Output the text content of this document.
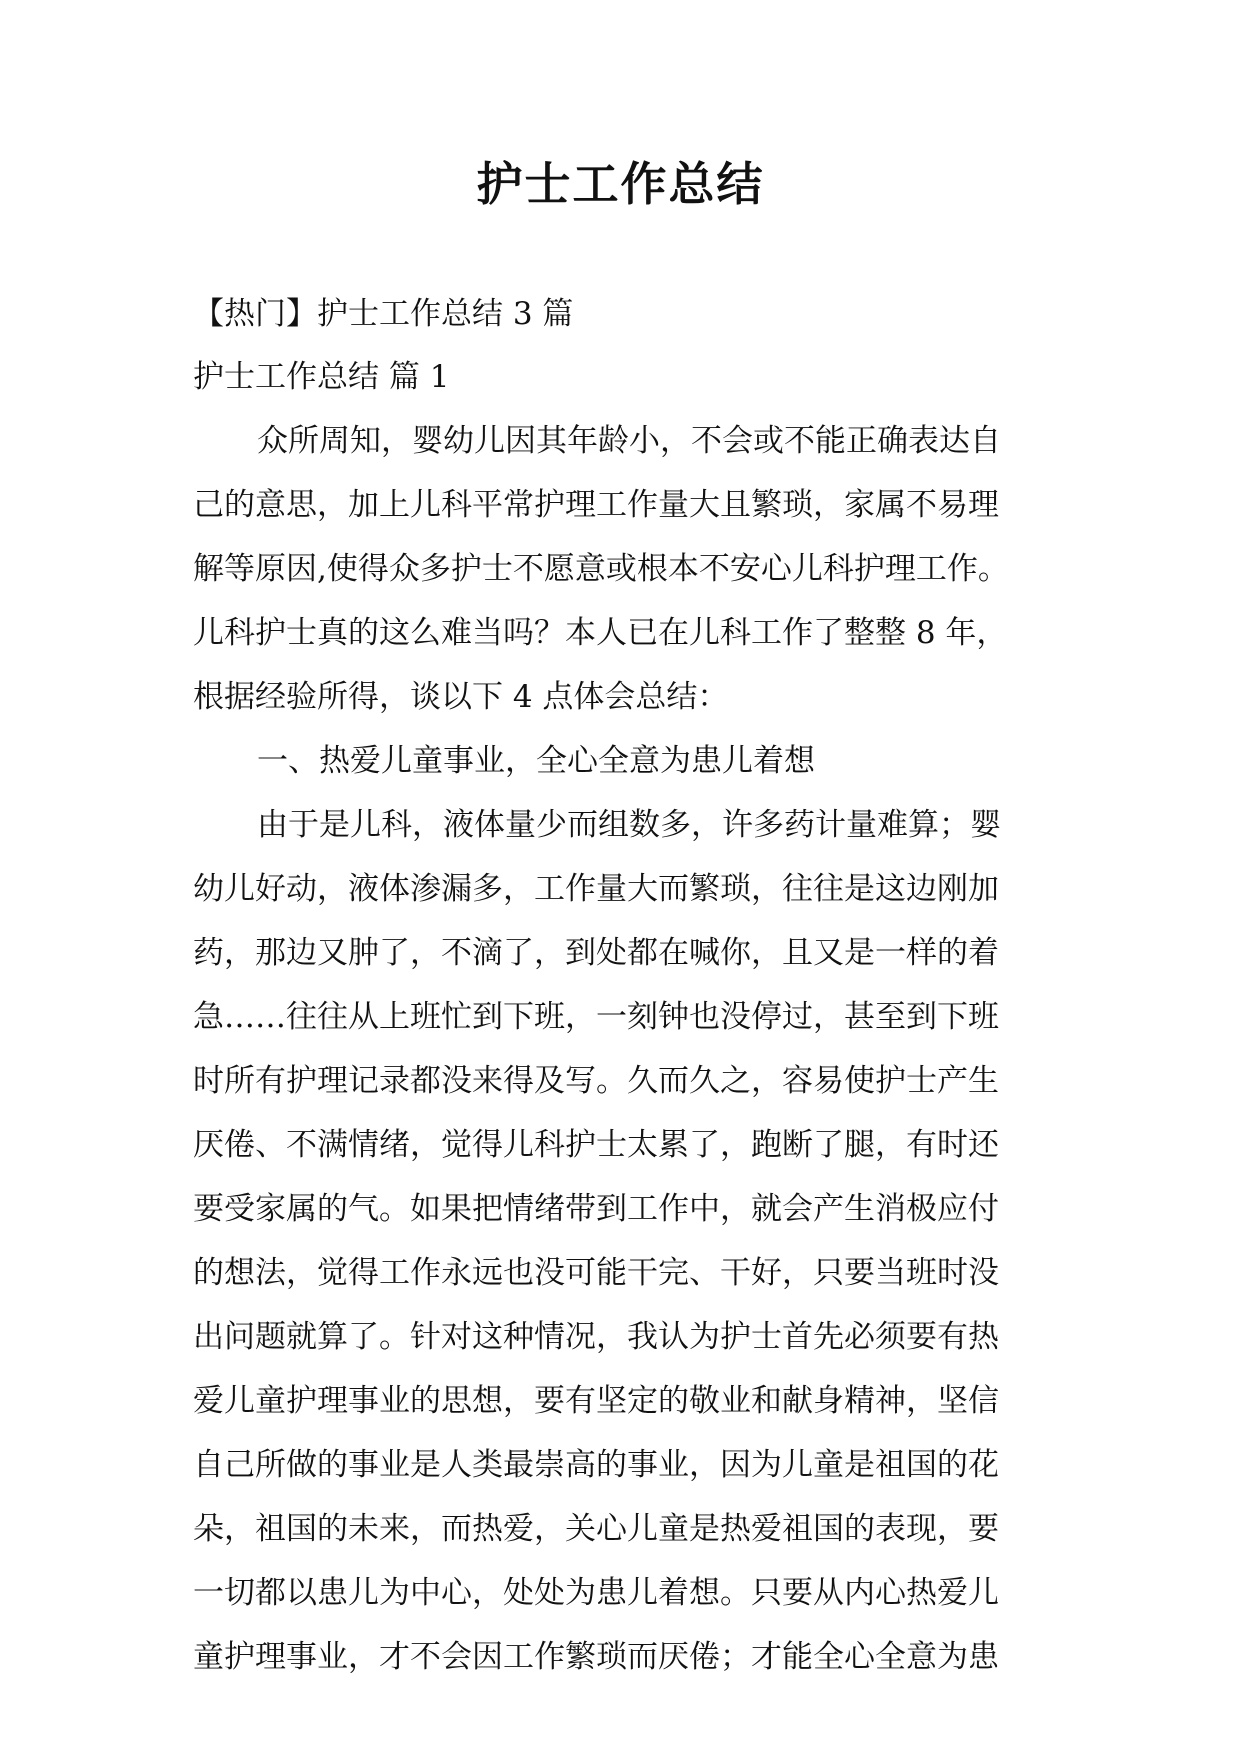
护士工作总结

【热门】护士工作总结 3 篇

护士工作总结 篇 1

众所周知，婴幼儿因其年龄小，不会或不能正确表达自

己的意思，加上儿科平常护理工作量大且繁琐，家属不易理

解等原因,使得众多护士不愿意或根本不安心儿科护理工作。

儿科护士真的这么难当吗？本人已在儿科工作了整整 8 年，

根据经验所得，谈以下 4 点体会总结：

一、热爱儿童事业，全心全意为患儿着想

由于是儿科，液体量少而组数多，许多药计量难算；婴

幼儿好动，液体渗漏多，工作量大而繁琐，往往是这边刚加

药，那边又肿了，不滴了，到处都在喊你，且又是一样的着

急……往往从上班忙到下班，一刻钟也没停过，甚至到下班

时所有护理记录都没来得及写。久而久之，容易使护士产生

厌倦、不满情绪，觉得儿科护士太累了，跑断了腿，有时还

要受家属的气。如果把情绪带到工作中，就会产生消极应付

的想法，觉得工作永远也没可能干完、干好，只要当班时没

出问题就算了。针对这种情况，我认为护士首先必须要有热

爱儿童护理事业的思想，要有坚定的敬业和献身精神，坚信

自己所做的事业是人类最崇高的事业，因为儿童是祖国的花

朵，祖国的未来，而热爱，关心儿童是热爱祖国的表现，要

一切都以患儿为中心，处处为患儿着想。只要从内心热爱儿

童护理事业，才不会因工作繁琐而厌倦；才能全心全意为患
